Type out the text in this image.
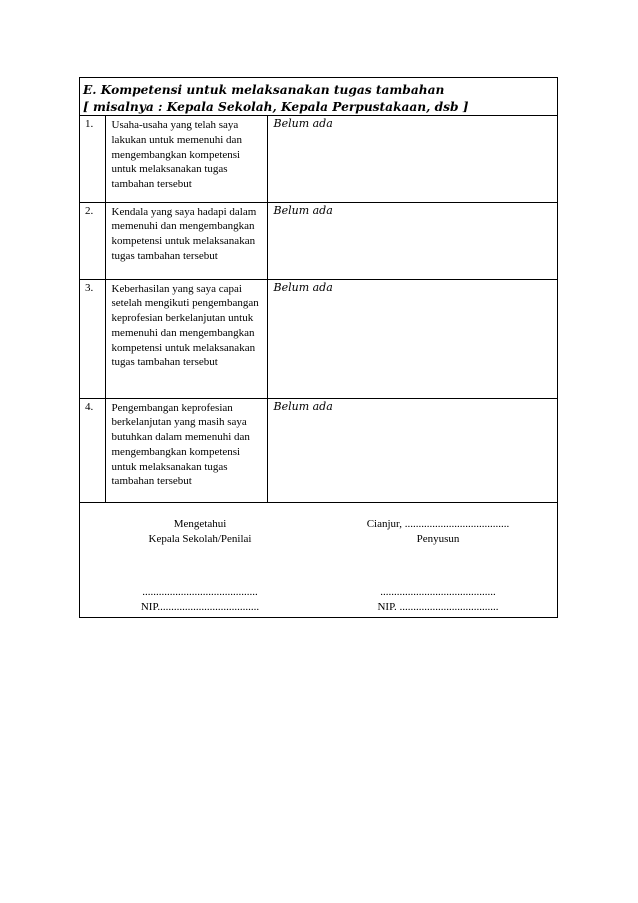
E. Kompetensi untuk melaksanakan tugas tambahan
[ misalnya : Kepala Sekolah, Kepala Perpustakaan, dsb ]
1.	Usaha-usaha yang telah saya lakukan untuk memenuhi dan mengembangkan kompetensi untuk melaksanakan tugas tambahan tersebut	Belum ada
2.	Kendala yang saya hadapi dalam memenuhi dan mengembangkan kompetensi untuk melaksanakan tugas tambahan tersebut	Belum ada
3.	Keberhasilan yang saya capai setelah mengikuti pengembangan keprofesian berkelanjutan untuk memenuhi dan mengembangkan kompetensi untuk melaksanakan tugas tambahan tersebut	Belum ada
4.	Pengembangan keprofesian berkelanjutan yang masih saya butuhkan dalam memenuhi dan mengembangkan kompetensi untuk melaksanakan tugas tambahan tersebut	Belum ada
Mengetahui
Kepala Sekolah/Penilai
Cianjur, ......................................
Penyusun
..........................................
NIP.....................................
..........................................
NIP. ....................................
